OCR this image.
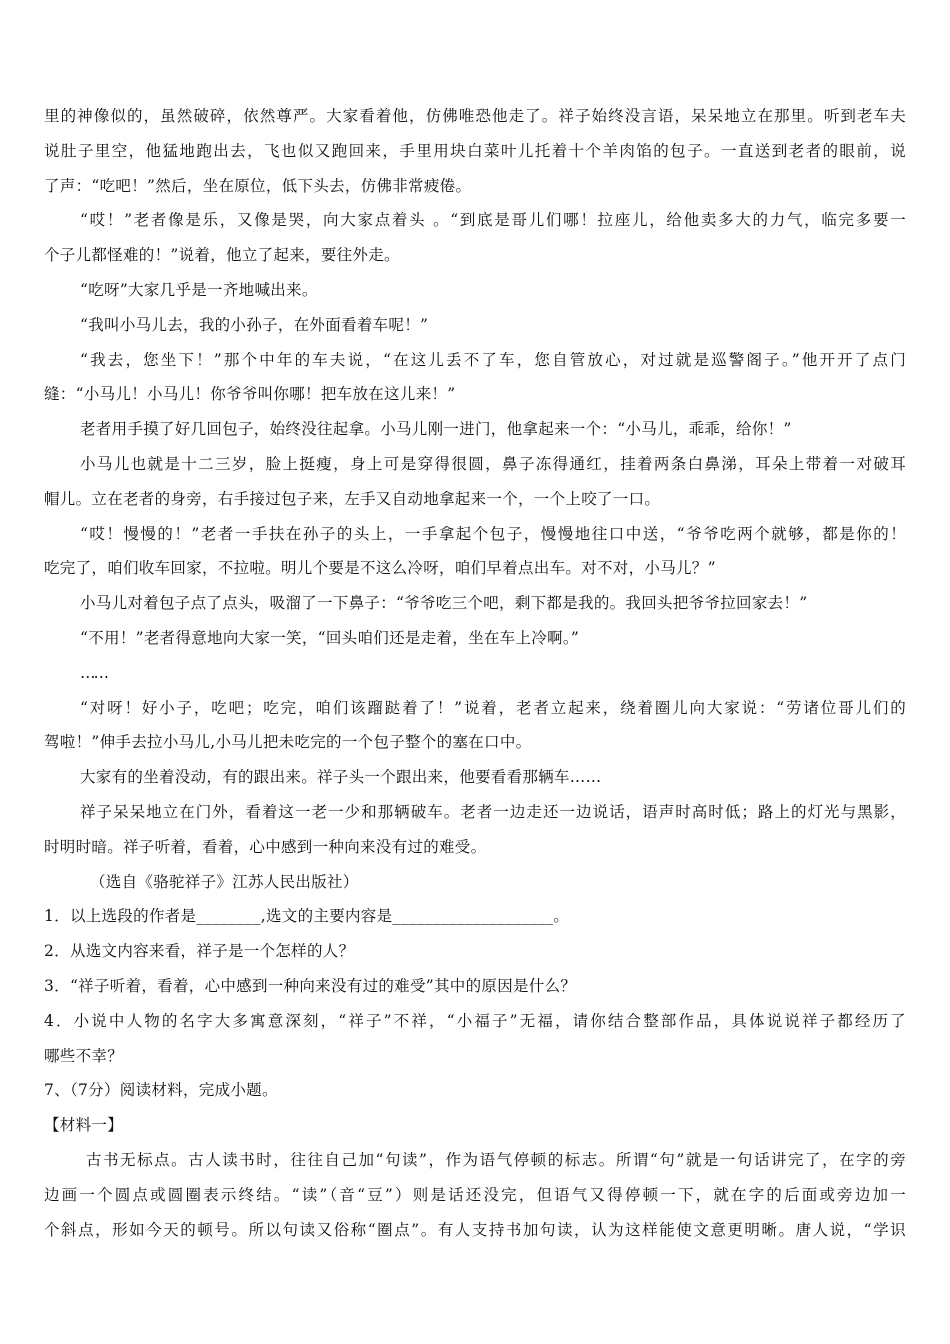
里的神像似的，虽然破碎，依然尊严。大家看着他，仿佛唯恐他走了。祥子始终没言语，呆呆地立在那里。听到老车夫
说肚子里空，他猛地跑出去，飞也似又跑回来，手里用块白菜叶儿托着十个羊肉馅的包子。一直送到老者的眼前，说
了声：“吃吧！”然后，坐在原位，低下头去，仿佛非常疲倦。
“哎！”老者像是乐，又像是哭，向大家点着头 。“到底是哥儿们哪！拉座儿，给他卖多大的力气，临完多要一
个子儿都怪难的！”说着，他立了起来，要往外走。
“吃呀”大家几乎是一齐地喊出来。
“我叫小马儿去，我的小孙子，在外面看着车呢！”
“我去，您坐下！”那个中年的车夫说，“在这儿丢不了车，您自管放心，对过就是巡警阁子。”他开开了点门
缝：“小马儿！小马儿！你爷爷叫你哪！把车放在这儿来！”
老者用手摸了好几回包子，始终没往起拿。小马儿刚一进门，他拿起来一个：“小马儿，乖乖，给你！”
小马儿也就是十二三岁，脸上挺瘦，身上可是穿得很圆，鼻子冻得通红，挂着两条白鼻涕，耳朵上带着一对破耳
帽儿。立在老者的身旁，右手接过包子来，左手又自动地拿起来一个，一个上咬了一口。
“哎！慢慢的！”老者一手扶在孙子的头上，一手拿起个包子，慢慢地往口中送，“爷爷吃两个就够，都是你的！
吃完了，咱们收车回家，不拉啦。明儿个要是不这么冷呀，咱们早着点出车。对不对，小马儿？”
小马儿对着包子点了点头，吸溜了一下鼻子：“爷爷吃三个吧，剩下都是我的。我回头把爷爷拉回家去！”
“不用！”老者得意地向大家一笑，“回头咱们还是走着，坐在车上冷啊。”
……
“对呀！好小子，吃吧；吃完，咱们该蹓跶着了！”说着，老者立起来，绕着圈儿向大家说：“劳诸位哥儿们的
驾啦！”伸手去拉小马儿,小马儿把未吃完的一个包子整个的塞在口中。
大家有的坐着没动，有的跟出来。祥子头一个跟出来，他要看看那辆车……
祥子呆呆地立在门外，看着这一老一少和那辆破车。老者一边走还一边说话，语声时高时低；路上的灯光与黑影，
时明时暗。祥子听着，看着，心中感到一种向来没有过的难受。
（选自《骆驼祥子》江苏人民出版社）
1．以上选段的作者是________,选文的主要内容是____________________。
2．从选文内容来看，祥子是一个怎样的人？
3．“祥子听着，看着，心中感到一种向来没有过的难受”其中的原因是什么？
4．小说中人物的名字大多寓意深刻，“祥子”不祥，“小福子”无福，请你结合整部作品，具体说说祥子都经历了
哪些不幸？
7、（7分）阅读材料，完成小题。
【材料一】
古书无标点。古人读书时，往往自己加“句读”，作为语气停顿的标志。所谓“句”就是一句话讲完了，在字的旁
边画一个圆点或圆圈表示终结。“读”（音“豆”）则是话还没完，但语气又得停顿一下，就在字的后面或旁边加一
个斜点，形如今天的顿号。所以句读又俗称“圈点”。有人支持书加句读，认为这样能使文意更明晰。唐人说，“学识
